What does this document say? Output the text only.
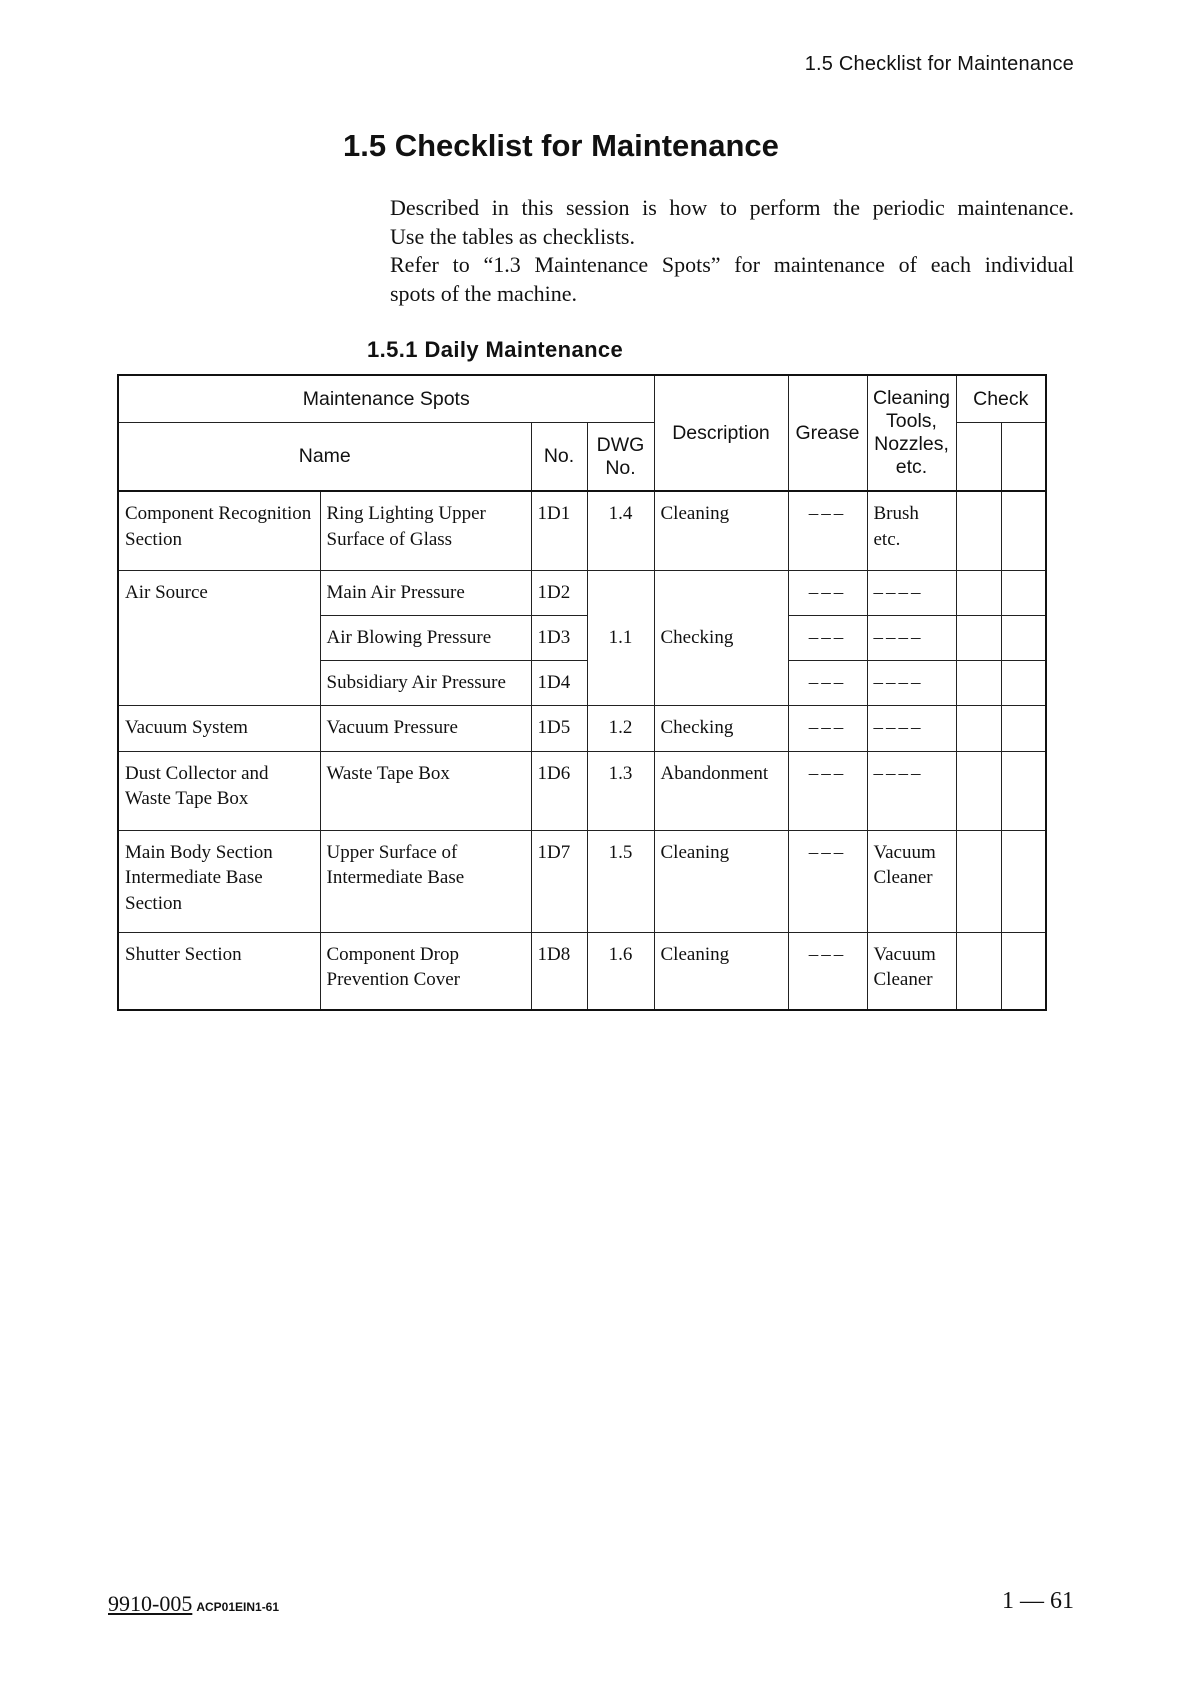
1.5 Checklist for Maintenance
1.5 Checklist for Maintenance

Described in this session is how to perform the periodic maintenance.

Use the tables as checklists.

Refer to “1.3 Maintenance Spots” for maintenance of each individual

spots of the machine.

1.5.1 Daily Maintenance
Maintenance Spots				Description	Grease	Cleaning Tools, Nozzles, etc.	Check	
Name		No.	DWG No.					
Component Recognition Section	Ring Lighting Upper Surface of Glass	1D1	1.4	Cleaning	–––	Brush etc.		
Air Source	Main Air Pressure	1D2	1.1	Checking	–––	––––		
	Air Blowing Pressure	1D3			–––	––––		
	Subsidiary Air Pressure	1D4			–––	––––		
Vacuum System	Vacuum Pressure	1D5	1.2	Checking	–––	––––		
Dust Collector and Waste Tape Box	Waste Tape Box	1D6	1.3	Abandonment	–––	––––		
Main Body Section Intermediate Base Section	Upper Surface of Intermediate Base	1D7	1.5	Cleaning	–––	Vacuum Cleaner		
Shutter Section	Component Drop Prevention Cover	1D8	1.6	Cleaning	–––	Vacuum Cleaner		
9910-005 ACP01EIN1-61	1 — 61
